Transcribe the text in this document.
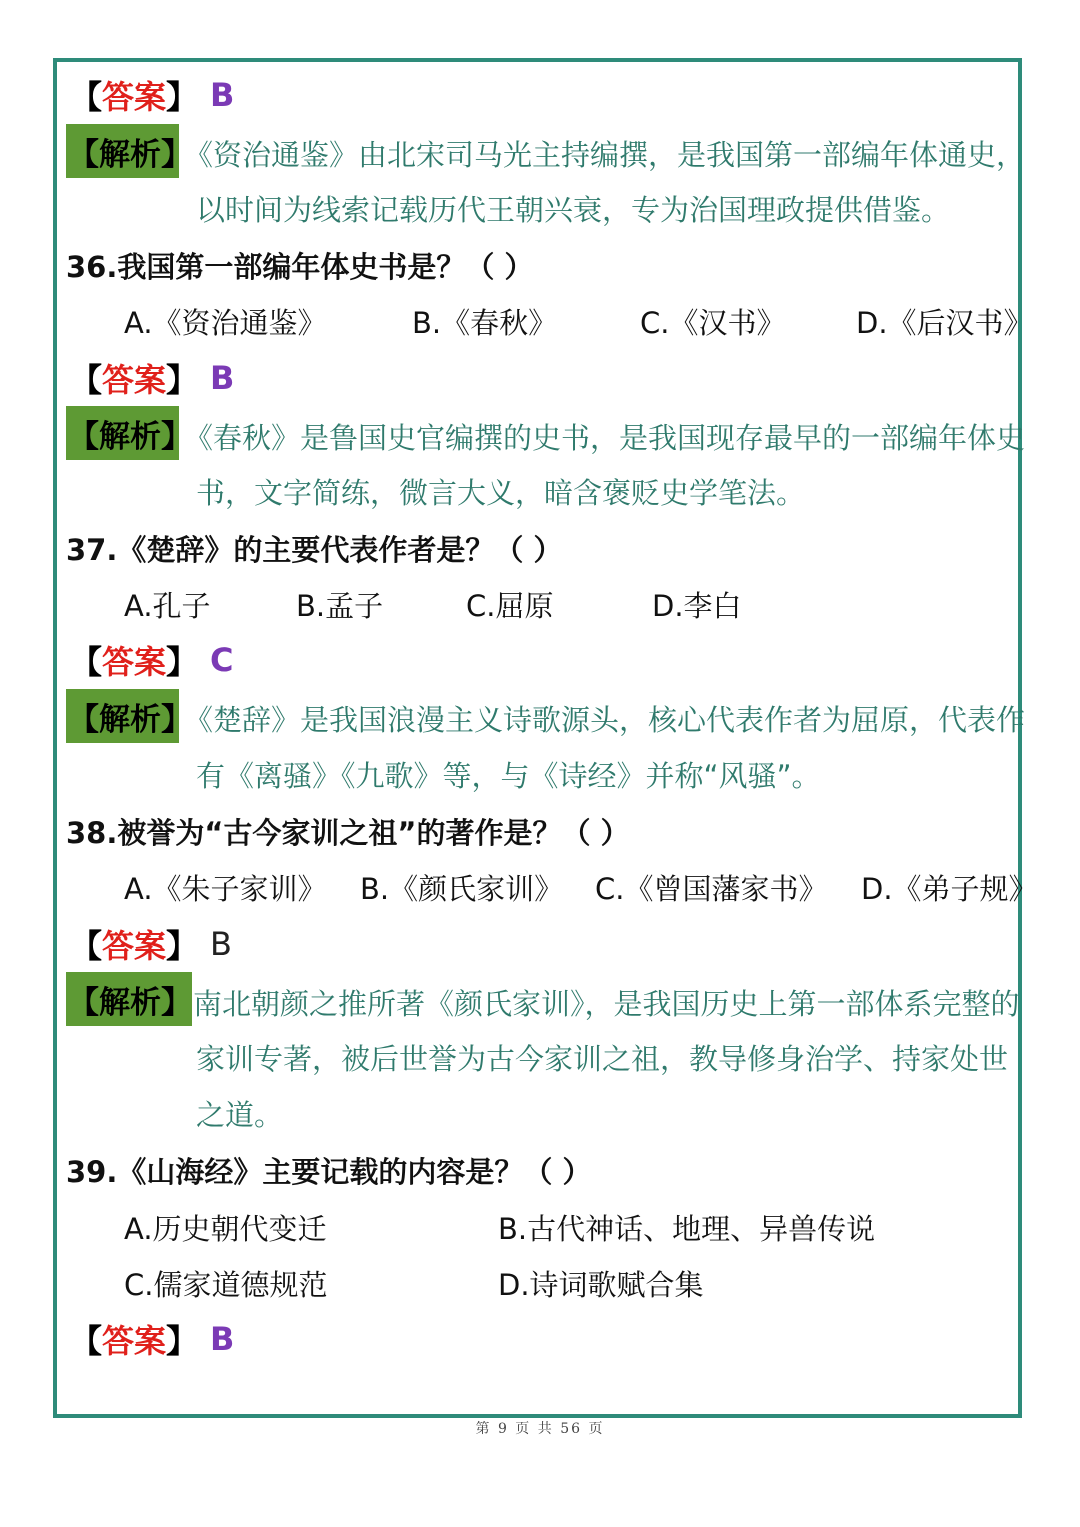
【 答案 】 B
【解析】
《资治通鉴》由北宋司马光主持编撰，是我国第一部编年体通史，
以时间为线索记载历代王朝兴衰，专为治国理政提供借鉴。
36.我国第一部编年体史书是？（ ）
A.《资治通鉴》	B.《春秋》	C.《汉书》 D.《后汉书》
【 答案 】 B
【解析】
《春秋》是鲁国史官编撰的史书，是我国现存最早的一部编年体史
书，文字简练，微言大义，暗含褒贬史学笔法。
37.《楚辞》的主要代表作者是？（ ）
A.孔子	B.孟子	C.屈原	D.李白
【 答案 】 C
【解析】
《楚辞》是我国浪漫主义诗歌源头，核心代表作者为屈原，代表作
有《离骚》《九歌》等，与《诗经》并称“风骚”。
38.被誉为“古今家训之祖”的著作是？（ ）
A.《朱子家训》 B.《颜氏家训》 C.《曾国藩家书》 D.《弟子规》
【 答案 】 B
【解析】 南北朝颜之推所著《颜氏家训》，是我国历史上第一部体系完整的
家训专著，被后世誉为古今家训之祖，教导修身治学、持家处世
之道。
39.《山海经》主要记载的内容是？（ ）
A.历史朝代变迁	B.古代神话、地理、异兽传说
C.儒家道德规范	D.诗词歌赋合集
【 答案 】 B
第 9 页 共 56 页
